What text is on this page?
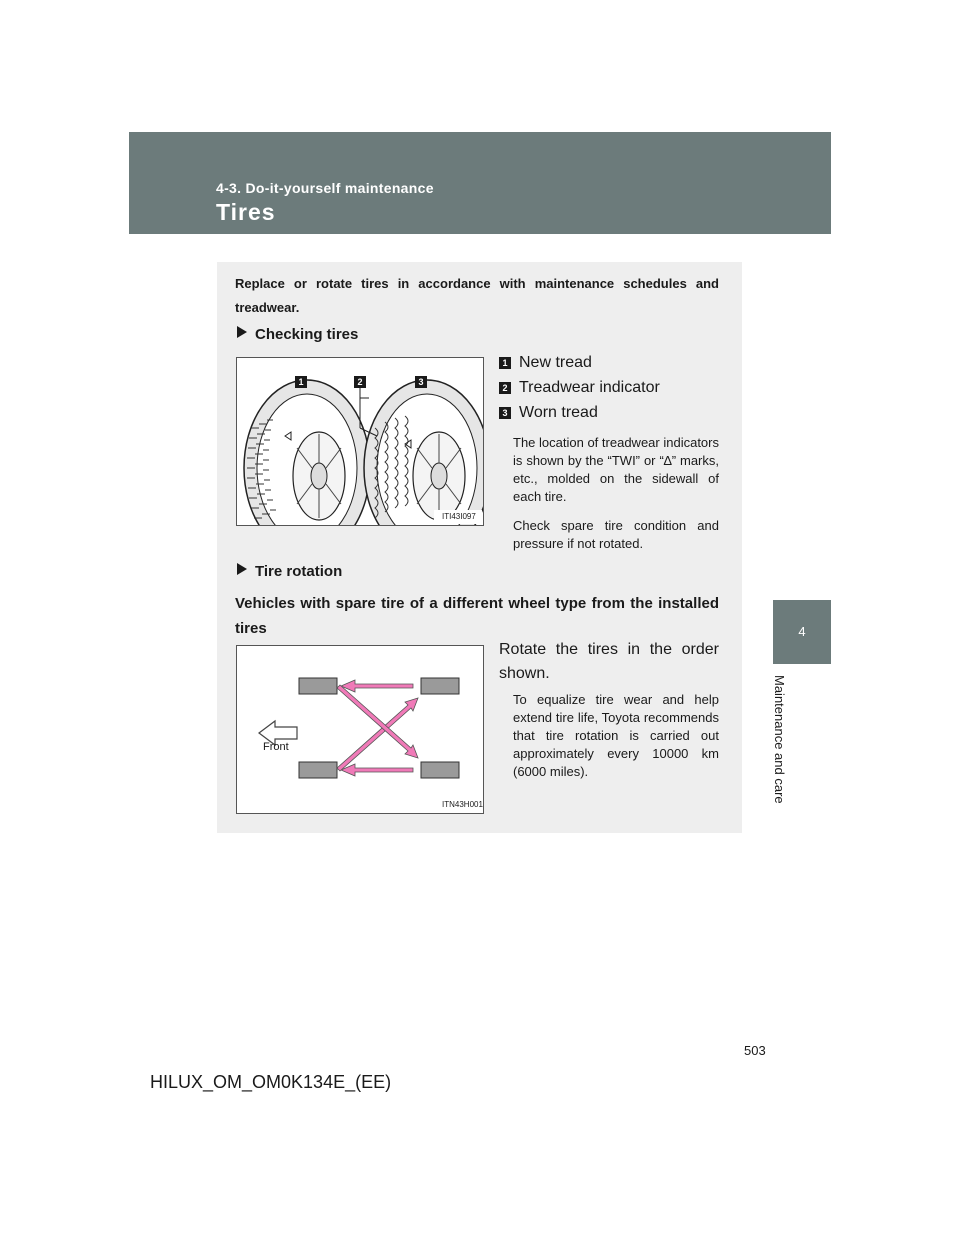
4-3. Do-it-yourself maintenance
Tires
4
Maintenance and care
Replace or rotate tires in accordance with maintenance schedules and treadwear.
Checking tires
1	2	3
ITI43I097
1 New tread
2 Treadwear indicator
3 Worn tread
The location of treadwear indicators is shown by the “TWI” or “∆” marks, etc., molded on the sidewall of each tire.
Check spare tire condition and pressure if not rotated.
Tire rotation
Vehicles with spare tire of a different wheel type from the installed tires
Rotate the tires in the order shown.
To equalize tire wear and help extend tire life, Toyota recommends that tire rotation is carried out approximately every 10000 km (6000 miles).
Front
ITN43H001
503
HILUX_OM_OM0K134E_(EE)
